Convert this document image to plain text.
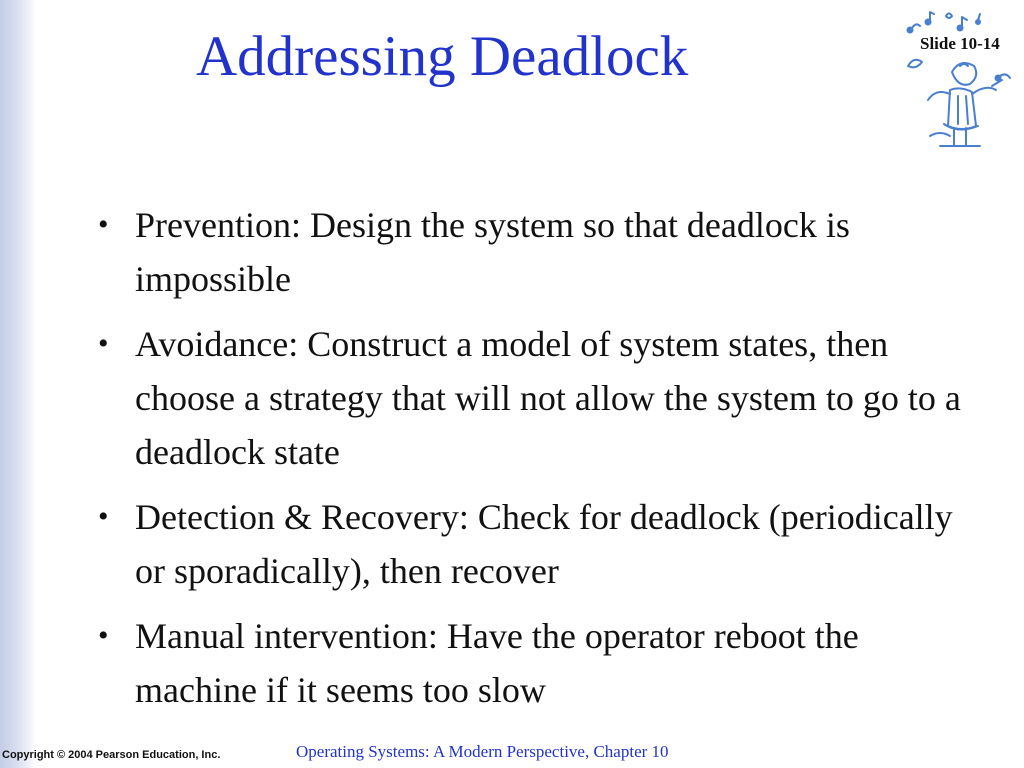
Addressing Deadlock	Slide 10-14
• Prevention: Design the system so that deadlock is impossible
• Avoidance: Construct a model of system states, then choose a strategy that will not allow the system to go to a deadlock state
• Detection & Recovery: Check for deadlock (periodically or sporadically), then recover
• Manual intervention: Have the operator reboot the machine if it seems too slow
Copyright © 2004 Pearson Education, Inc.	Operating Systems: A Modern Perspective, Chapter 10
